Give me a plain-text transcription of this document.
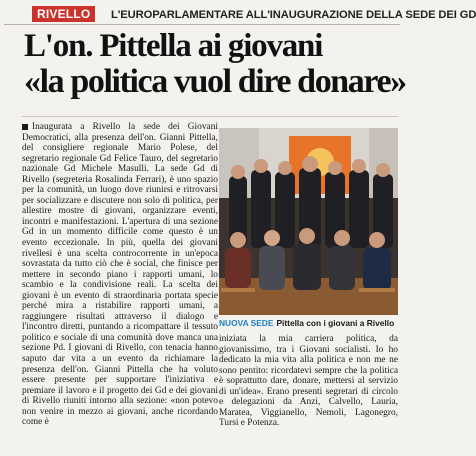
RIVELLO	L'EUROPARLAMENTARE ALL'INAUGURAZIONE DELLA SEDE DEI GD
L'on. Pittella ai giovani
«la politica vuol dire donare»

Inaugurata a Rivello la sede dei Giovani Democratici, alla presenza dell'on. Gianni Pittella, del consigliere regionale Mario Polese, del segretario regionale Gd Felice Tauro, del segretario nazionale Gd Michele Masulli. La sede Gd di Rivello (segreteria Rosalinda Ferrari), è uno spazio per la comunità, un luogo dove riunirsi e ritrovarsi per socializzare e discutere non solo di politica, per allestire mostre di giovani, organizzare eventi, incontri e manifestazioni. L'apertura di una sezione Gd in un momento difficile come questo è un evento eccezionale. In più, quella dei giovani rivellesi è una scelta controcorrente in un'epoca sovrastata da tutto ciò che è social, che finisce per mettere in secondo piano i rapporti umani, lo scambio e la condivisione reali. La scelta dei giovani è un evento di straordinaria portata specie perché mira a ristabilire rapporti umani, a raggiungere risultati attraverso il dialogo e l'incontro diretti, puntando a ricompattare il tessuto politico e sociale di una comunità dove manca una sezione Pd. I giovani di Rivello, con tenacia hanno saputo dar vita a un evento da richiamare la presenza dell'on. Gianni Pittella che ha voluto essere presente per supportare l'iniziativa e premiare il lavoro e il progetto dei Gd e dei giovani di Rivello riuniti intorno alla sezione: «non potevo non venire in mezzo ai giovani, anche ricordando come è

NUOVA SEDE Pittella con i giovani a Rivello

iniziata la mia carriera politica, da giovanissimo, tra i Giovani socialisti. Io ho dedicato la mia vita alla politica e non me ne sono pentito: ricordatevi sempre che la politica è soprattutto dare, donare, mettersi al servizio di un'idea». Erano presenti segretari di circolo e delegazioni da Anzi, Calvello, Lauria, Maratea, Viggianello, Nemoli, Lagonegro, Tursi e Potenza.
